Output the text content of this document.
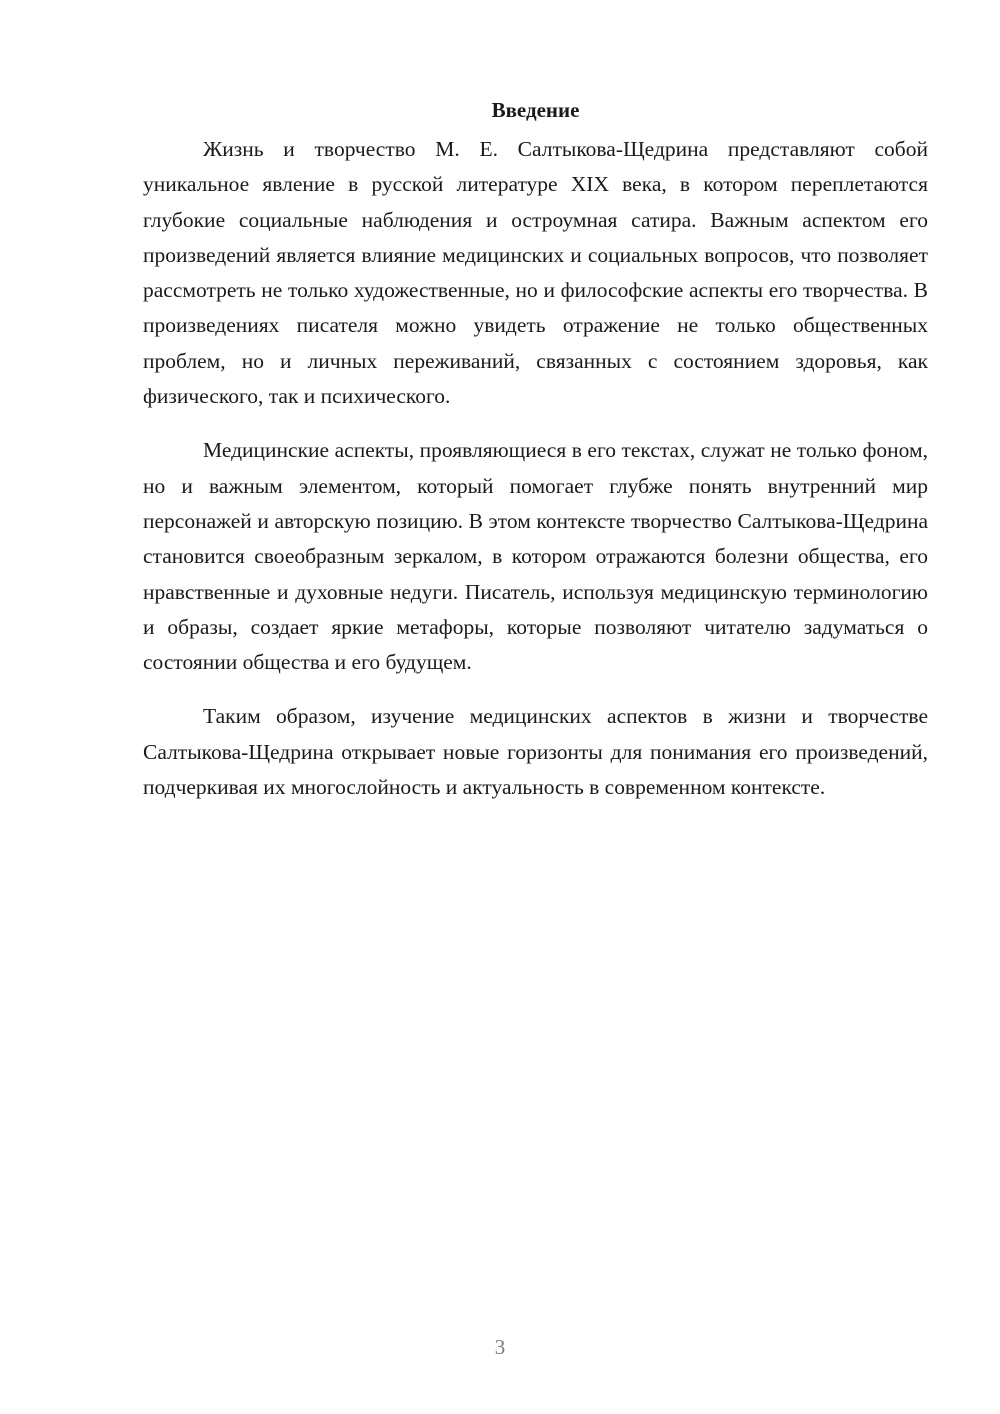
Введение

Жизнь и творчество М. Е. Салтыкова-Щедрина представляют собой уникальное явление в русской литературе XIX века, в котором переплетаются глубокие социальные наблюдения и остроумная сатира. Важным аспектом его произведений является влияние медицинских и социальных вопросов, что позволяет рассмотреть не только художественные, но и философские аспекты его творчества. В произведениях писателя можно увидеть отражение не только общественных проблем, но и личных переживаний, связанных с состоянием здоровья, как физического, так и психического.

Медицинские аспекты, проявляющиеся в его текстах, служат не только фоном, но и важным элементом, который помогает глубже понять внутренний мир персонажей и авторскую позицию. В этом контексте творчество Салтыкова-Щедрина становится своеобразным зеркалом, в котором отражаются болезни общества, его нравственные и духовные недуги. Писатель, используя медицинскую терминологию и образы, создает яркие метафоры, которые позволяют читателю задуматься о состоянии общества и его будущем.

Таким образом, изучение медицинских аспектов в жизни и творчестве Салтыкова-Щедрина открывает новые горизонты для понимания его произведений, подчеркивая их многослойность и актуальность в современном контексте.

3
